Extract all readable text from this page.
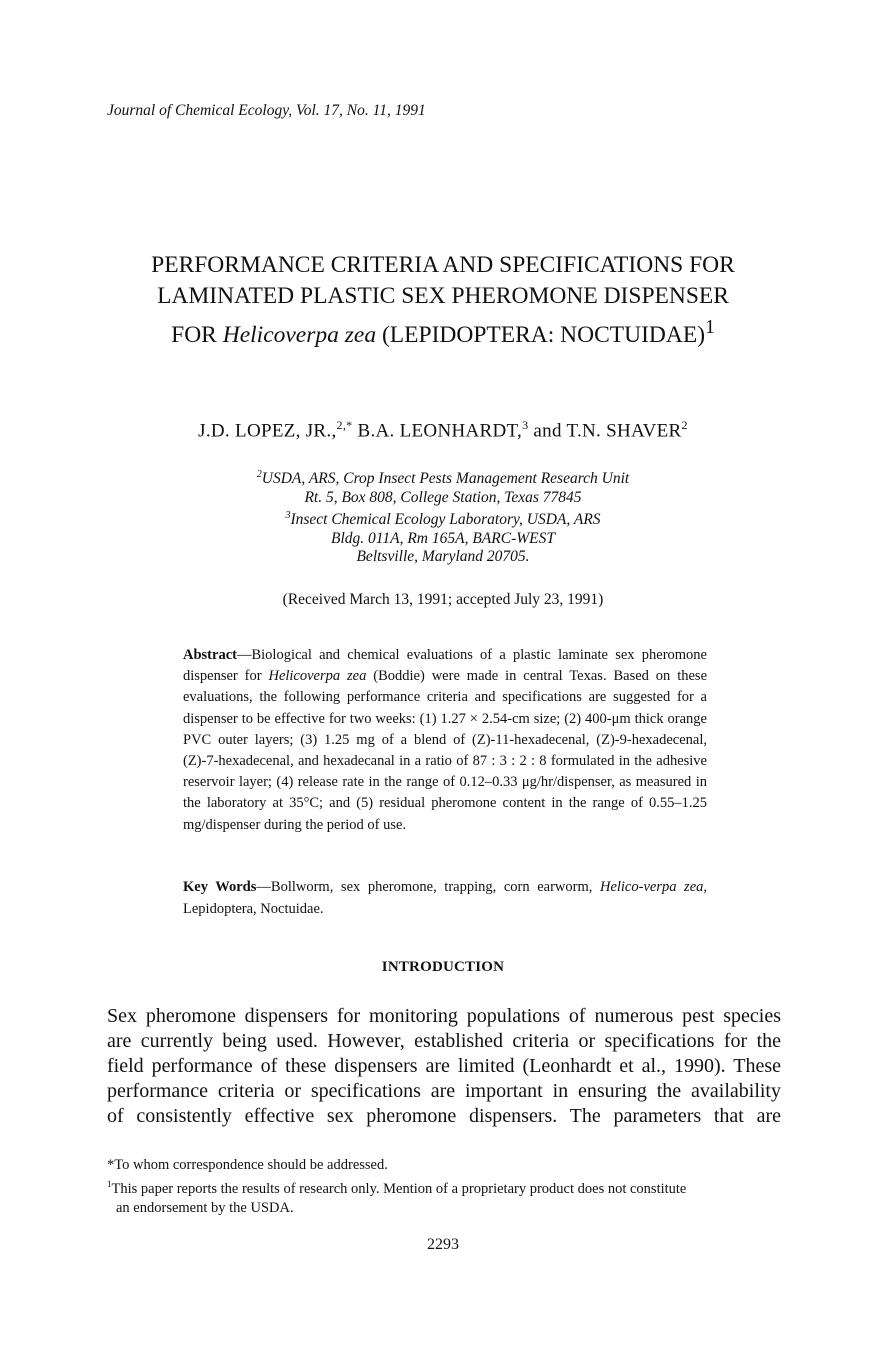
Journal of Chemical Ecology, Vol. 17, No. 11, 1991

PERFORMANCE CRITERIA AND SPECIFICATIONS FOR
LAMINATED PLASTIC SEX PHEROMONE DISPENSER
FOR Helicoverpa zea (LEPIDOPTERA: NOCTUIDAE)$^1$

J.D. LOPEZ, JR.,$^{2,*}$ B.A. LEONHARDT,$^3$ and T.N. SHAVER$^2$

$^2$USDA, ARS, Crop Insect Pests Management Research Unit
Rt. 5, Box 808, College Station, Texas 77845
$^3$Insect Chemical Ecology Laboratory, USDA, ARS
Bldg. 011A, Rm 165A, BARC-WEST
Beltsville, Maryland 20705.

(Received March 13, 1991; accepted July 23, 1991)

Abstract—Biological and chemical evaluations of a plastic laminate sex pheromone dispenser for Helicoverpa zea (Boddie) were made in central Texas. Based on these evaluations, the following performance criteria and specifications are suggested for a dispenser to be effective for two weeks: (1) 1.27 × 2.54-cm size; (2) 400-μm thick orange PVC outer layers; (3) 1.25 mg of a blend of (Z)-11-hexadecenal, (Z)-9-hexadecenal, (Z)-7-hexadecenal, and hexadecanal in a ratio of 87 : 3 : 2 : 8 formulated in the adhesive reservoir layer; (4) release rate in the range of 0.12–0.33 μg/hr/dispenser, as measured in the laboratory at 35°C; and (5) residual pheromone content in the range of 0.55–1.25 mg/dispenser during the period of use.

Key Words—Bollworm, sex pheromone, trapping, corn earworm, Helico-verpa zea, Lepidoptera, Noctuidae.

INTRODUCTION
Sex pheromone dispensers for monitoring populations of numerous pest species
are currently being used. However, established criteria or specifications for the
field performance of these dispensers are limited (Leonhardt et al., 1990). These
performance criteria or specifications are important in ensuring the availability
of consistently effective sex pheromone dispensers. The parameters that are
*To whom correspondence should be addressed.
$^1$This paper reports the results of research only. Mention of a proprietary product does not constitute
an endorsement by the USDA.

2293
